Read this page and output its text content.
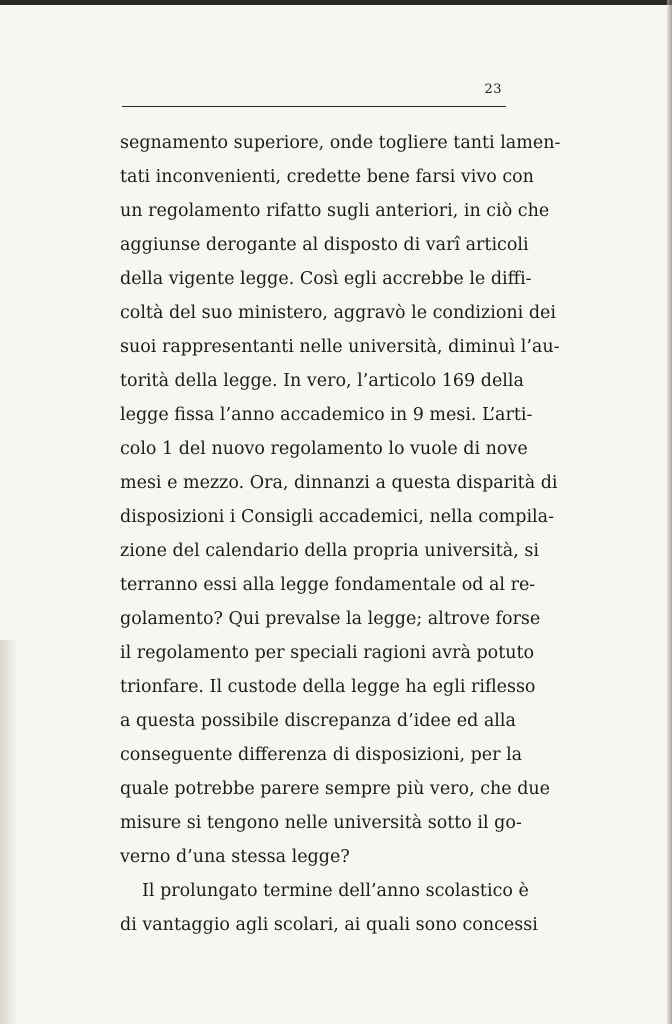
23
segnamento superiore, onde togliere tanti lamen-
tati inconvenienti, credette bene farsi vivo con
un regolamento rifatto sugli anteriori, in ciò che
aggiunse derogante al disposto di varî articoli
della vigente legge. Così egli accrebbe le diffi-
coltà del suo ministero, aggravò le condizioni dei
suoi rappresentanti nelle università, diminuì l’au-
torità della legge. In vero, l’articolo 169 della
legge fissa l’anno accademico in 9 mesi. L’arti-
colo 1 del nuovo regolamento lo vuole di nove
mesi e mezzo. Ora, dinnanzi a questa disparità di
disposizioni i Consigli accademici, nella compila-
zione del calendario della propria università, si
terranno essi alla legge fondamentale od al re-
golamento? Qui prevalse la legge; altrove forse
il regolamento per speciali ragioni avrà potuto
trionfare. Il custode della legge ha egli riflesso
a questa possibile discrepanza d’idee ed alla
conseguente differenza di disposizioni, per la
quale potrebbe parere sempre più vero, che due
misure si tengono nelle università sotto il go-
verno d’una stessa legge?
Il prolungato termine dell’anno scolastico è
di vantaggio agli scolari, ai quali sono concessi
